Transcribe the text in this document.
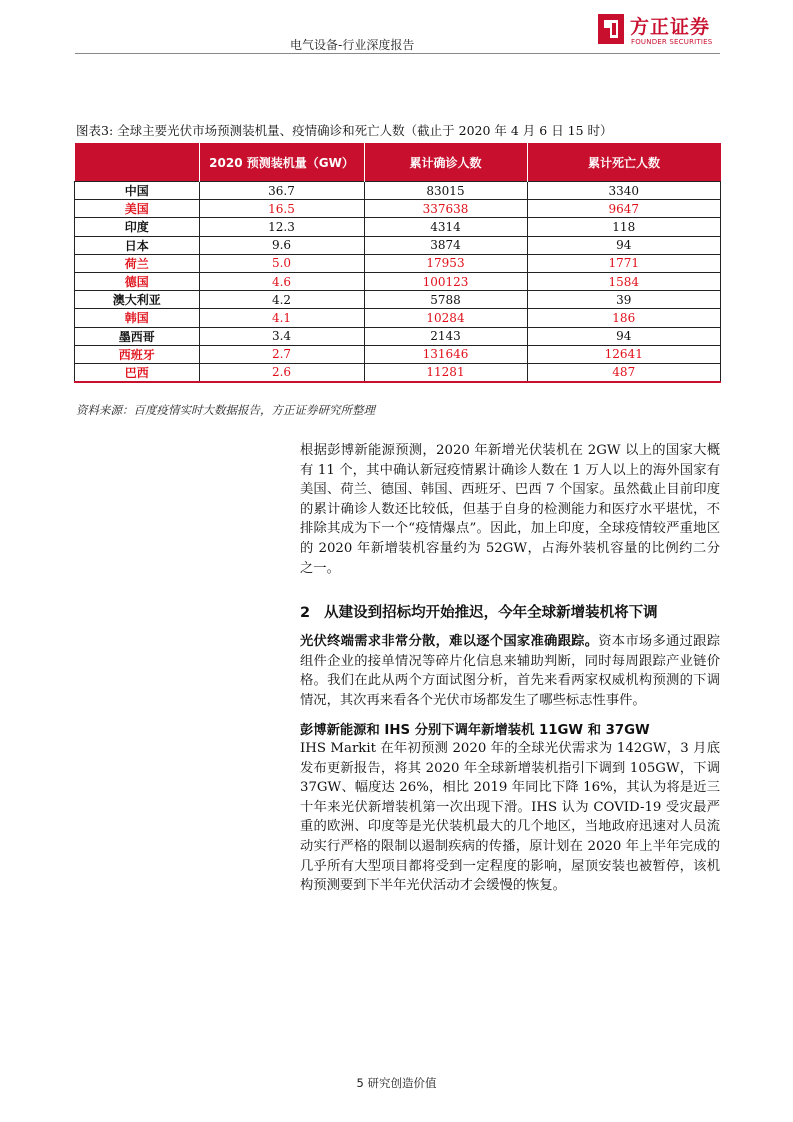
电气设备-行业深度报告
方正证券
FOUNDER SECURITIES
图表3: 全球主要光伏市场预测装机量、疫情确诊和死亡人数（截止于 2020 年 4 月 6 日 15 时）
	2020 预测装机量（GW）	累计确诊人数	累计死亡人数
中国	36.7	83015	3340
美国	16.5	337638	9647
印度	12.3	4314	118
日本	9.6	3874	94
荷兰	5.0	17953	1771
德国	4.6	100123	1584
澳大利亚	4.2	5788	39
韩国	4.1	10284	186
墨西哥	3.4	2143	94
西班牙	2.7	131646	12641
巴西	2.6	11281	487
资料来源：百度疫情实时大数据报告，方正证券研究所整理
根据彭博新能源预测，2020 年新增光伏装机在 2GW 以上的国家大概有 11 个，其中确认新冠疫情累计确诊人数在 1 万人以上的海外国家有美国、荷兰、德国、韩国、西班牙、巴西 7 个国家。虽然截止目前印度的累计确诊人数还比较低，但基于自身的检测能力和医疗水平堪忧，不排除其成为下一个“疫情爆点”。因此，加上印度，全球疫情较严重地区的 2020 年新增装机容量约为 52GW，占海外装机容量的比例约二分之一。
2 从建设到招标均开始推迟，今年全球新增装机将下调
光伏终端需求非常分散，难以逐个国家准确跟踪。资本市场多通过跟踪组件企业的接单情况等碎片化信息来辅助判断，同时每周跟踪产业链价格。我们在此从两个方面试图分析，首先来看两家权威机构预测的下调情况，其次再来看各个光伏市场都发生了哪些标志性事件。
彭博新能源和 IHS 分别下调年新增装机 11GW 和 37GW
IHS Markit 在年初预测 2020 年的全球光伏需求为 142GW，3 月底发布更新报告，将其 2020 年全球新增装机指引下调到 105GW，下调 37GW、幅度达 26%，相比 2019 年同比下降 16%，其认为将是近三十年来光伏新增装机第一次出现下滑。IHS 认为 COVID-19 受灾最严重的欧洲、印度等是光伏装机最大的几个地区，当地政府迅速对人员流动实行严格的限制以遏制疾病的传播，原计划在 2020 年上半年完成的几乎所有大型项目都将受到一定程度的影响，屋顶安装也被暂停，该机构预测要到下半年光伏活动才会缓慢的恢复。
5 研究创造价值
